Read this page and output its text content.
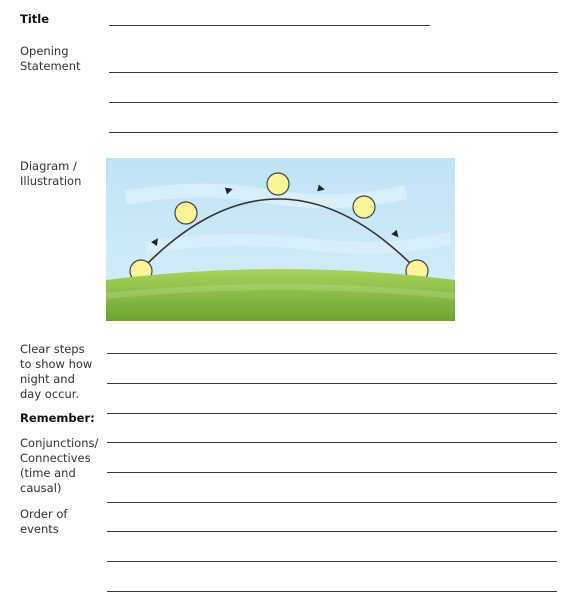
Title
Opening
Statement
Diagram /
Illustration
Clear steps
to show how
night and
day occur.
Remember:
Conjunctions/
Connectives
(time and
causal)
Order of
events
